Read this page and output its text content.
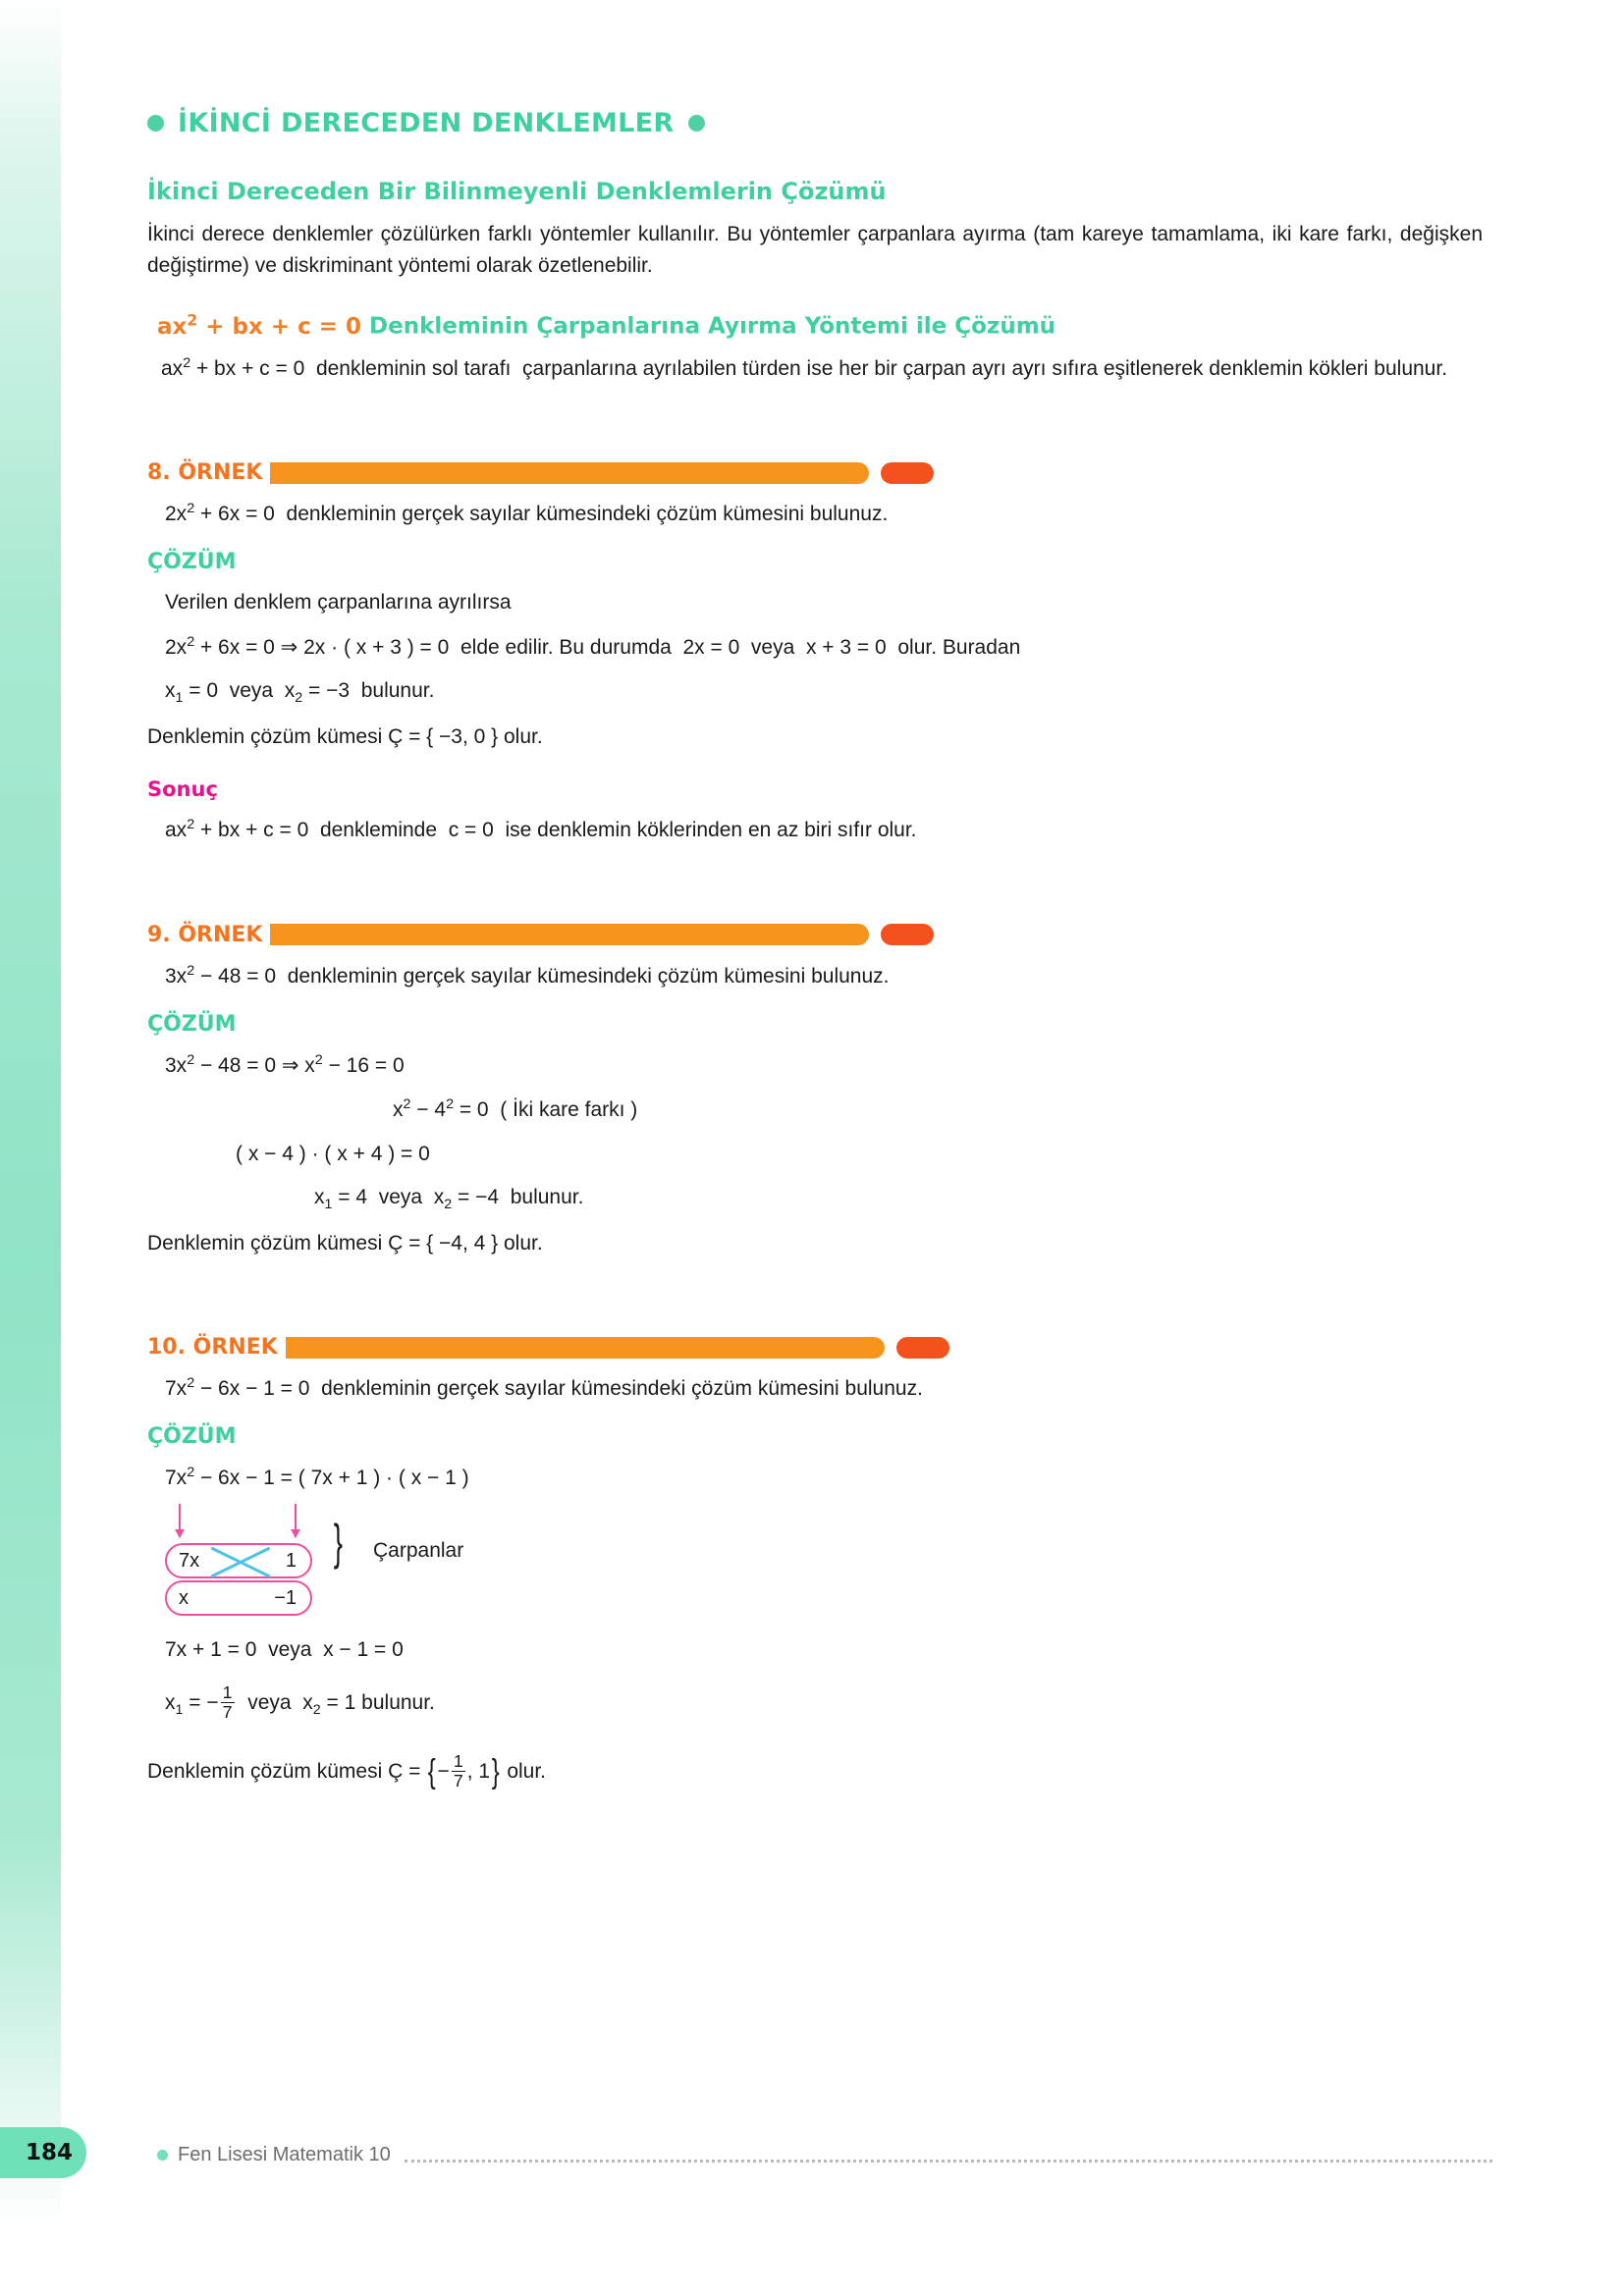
İKİNCİ DERECEDEN DENKLEMLER
İkinci Dereceden Bir Bilinmeyenli Denklemlerin Çözümü

İkinci derece denklemler çözülürken farklı yöntemler kullanılır. Bu yöntemler çarpanlara ayırma (tam kareye tamamlama, iki kare farkı, değişken değiştirme) ve diskriminant yöntemi olarak özetlenebilir.

$ax^2$ + bx + c = 0 Denkleminin Çarpanlarına Ayırma Yöntemi ile Çözümü
$ax^2$ + bx + c = 0  denkleminin sol tarafı  çarpanlarına ayrılabilen türden ise her bir çarpan ayrı ayrı sıfıra eşitlenerek denklemin kökleri bulunur.
8. ÖRNEK
$2x^2 + 6x = 0$  denkleminin gerçek sayılar kümesindeki çözüm kümesini bulunuz.
ÇÖZÜM
Verilen denklem çarpanlarına ayrılırsa
$2x^2 + 6x = 0$ ⇒ 2x · ( x + 3 ) = 0  elde edilir. Bu durumda  2x = 0  veya  x + 3 = 0  olur. Buradan
$x_1 = 0$  veya  $x_2 = -3$  bulunur.
Denklemin çözüm kümesi Ç = { −3, 0 } olur.
Sonuç
$ax^2$ + bx + c = 0  denkleminde  c = 0  ise denklemin köklerinden en az biri sıfır olur.
9. ÖRNEK
$3x^2 - 48 = 0$  denkleminin gerçek sayılar kümesindeki çözüm kümesini bulunuz.
ÇÖZÜM
$3x^2 - 48 = 0$ ⇒ $x^2 - 16 = 0$
$x^2 - 4^2 = 0$  ( İki kare farkı )
( x − 4 ) · ( x + 4 ) = 0
$x_1 = 4$  veya  $x_2 = -4$  bulunur.
Denklemin çözüm kümesi Ç = { −4, 4 } olur.
10. ÖRNEK
$7x^2 - 6x - 1 = 0$  denkleminin gerçek sayılar kümesindeki çözüm kümesini bulunuz.
ÇÖZÜM
$7x^2 - 6x - 1$ = ( 7x + 1 ) · ( x − 1 )
7x	1
x	−1
} Çarpanlar
7x + 1 = 0  veya  x − 1 = 0
$x_1$ = − $\frac{1}{7}$ veya  $x_2 = 1$ bulunur.
Denklemin çözüm kümesi Ç = {− $\frac{1}{7}$ , 1} olur.
184	Fen Lisesi Matematik 10
